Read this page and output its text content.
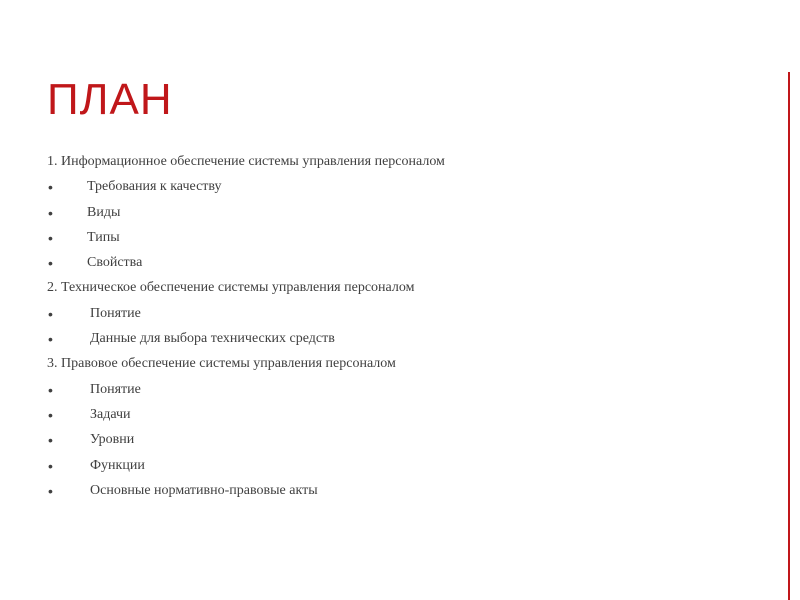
ПЛАН
1. Информационное обеспечение системы управления персоналом
• Требования к качеству
• Виды
• Типы
• Свойства
2. Техническое обеспечение системы управления персоналом
•	Понятие
•	Данные для выбора технических средств
3. Правовое обеспечение системы управления персоналом
•	Понятие
•	Задачи
•	Уровни
•	Функции
•	Основные нормативно-правовые акты
